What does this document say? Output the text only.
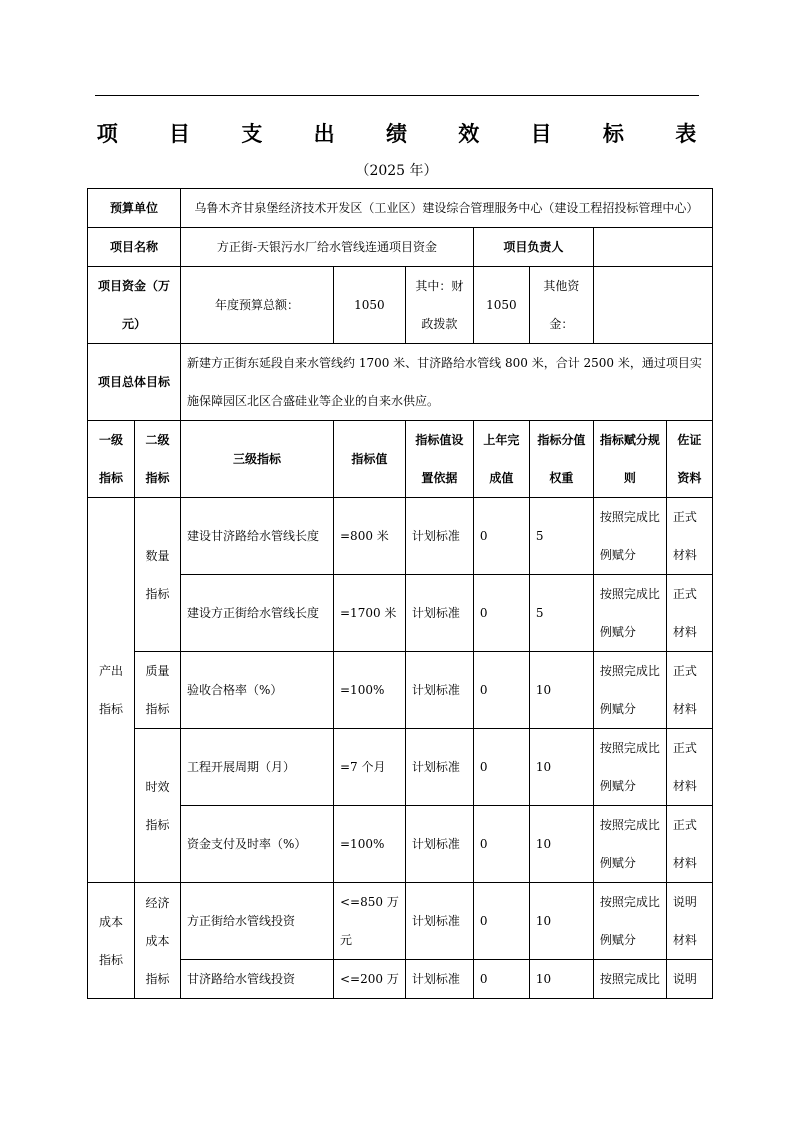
项 目 支 出 绩 效 目 标 表
（2025 年）
预算单位		乌鲁木齐甘泉堡经济技术开发区（工业区）建设综合管理服务中心（建设工程招投标管理中心）						
项目名称		方正街-天银污水厂给水管线连通项目资金			项目负责人			
项目资金（万元）		年度预算总额：	1050	其中：财政拨款	1050	其他资金：		
项目总体目标		新建方正街东延段自来水管线约 1700 米、甘济路给水管线 800 米，合计 2500 米，通过项目实施保障园区北区合盛硅业等企业的自来水供应。						
一级指标	二级指标	三级指标	指标值	指标值设置依据	上年完成值	指标分值权重	指标赋分规则	佐证资料
产出指标	数量指标	建设甘济路给水管线长度	=800 米	计划标准	0	5	按照完成比例赋分	正式材料
		建设方正街给水管线长度	=1700 米	计划标准	0	5	按照完成比例赋分	正式材料
	质量指标	验收合格率（%）	=100%	计划标准	0	10	按照完成比例赋分	正式材料
	时效指标	工程开展周期（月）	=7 个月	计划标准	0	10	按照完成比例赋分	正式材料
		资金支付及时率（%）	=100%	计划标准	0	10	按照完成比例赋分	正式材料
成本指标	经济成本指标	方正街给水管线投资	<=850 万元	计划标准	0	10	按照完成比例赋分	说明材料
		甘济路给水管线投资	<=200 万	计划标准	0	10	按照完成比	说明
